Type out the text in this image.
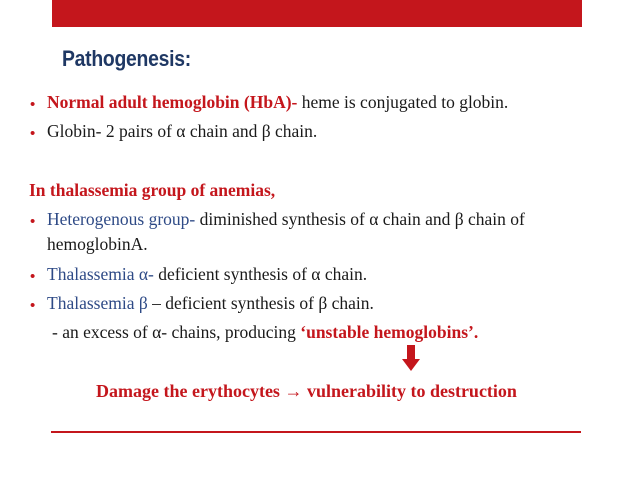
Pathogenesis:
• Normal adult hemoglobin (HbA)- heme is conjugated to globin.
• Globin- 2 pairs of α chain and β chain.
In thalassemia group of anemias,
• Heterogenous group- diminished synthesis of α chain and β chain of
hemoglobinA.
• Thalassemia α- deficient synthesis of α chain.
• Thalassemia β – deficient synthesis of β chain.
- an excess of α- chains, producing ‘unstable hemoglobins’.
Damage the erythocytes → vulnerability to destruction
